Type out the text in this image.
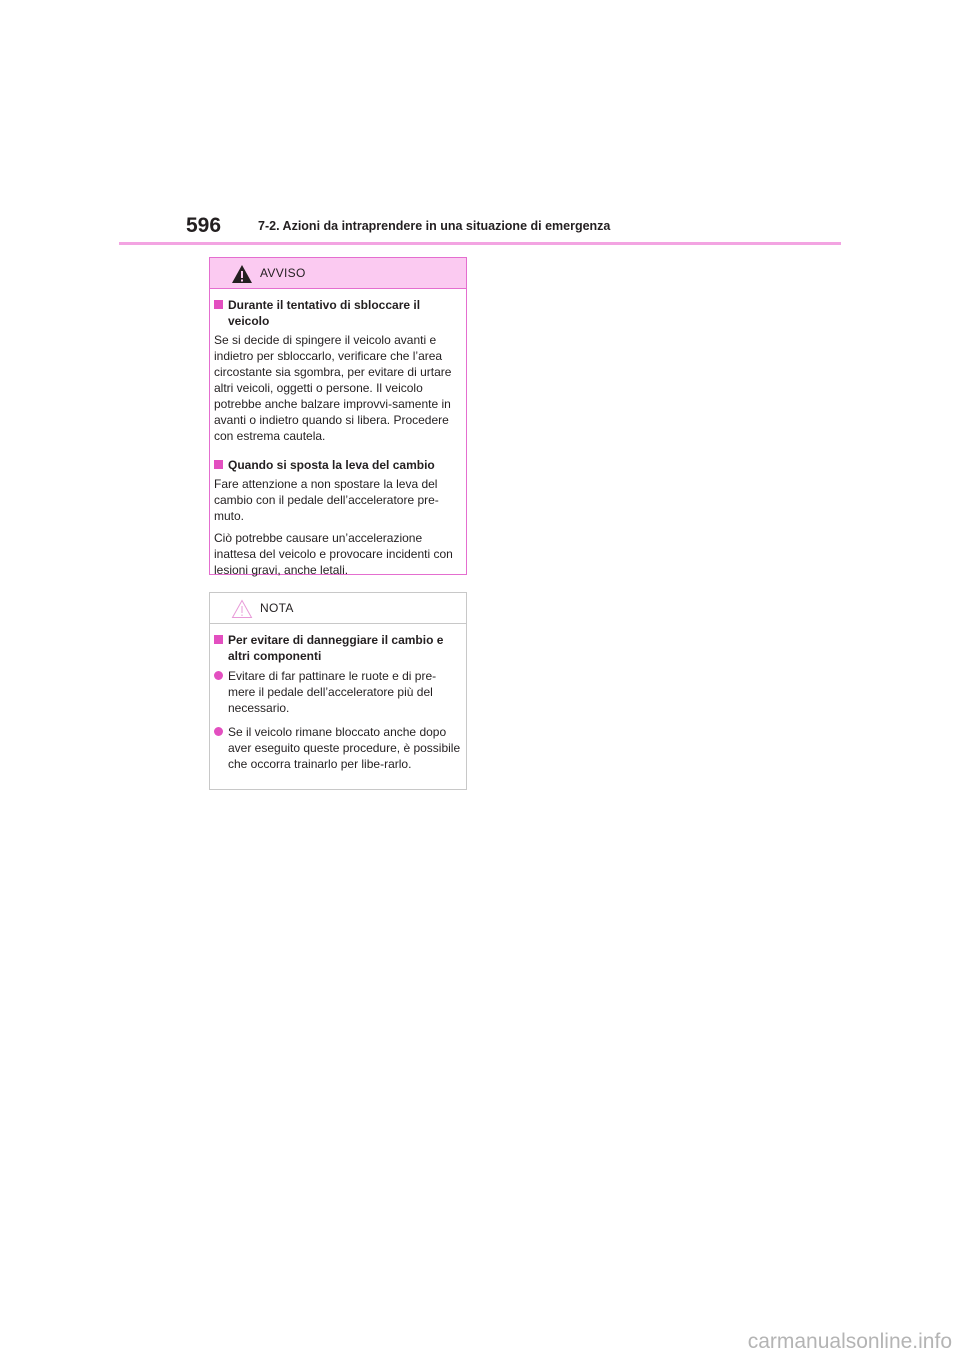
596	7-2. Azioni da intraprendere in una situazione di emergenza
AVVISO
Durante il tentativo di sbloccare il veicolo

Se si decide di spingere il veicolo avanti e indietro per sbloccarlo, verificare che l’area circostante sia sgombra, per evitare di urtare altri veicoli, oggetti o persone. Il veicolo potrebbe anche balzare improvvi-samente in avanti o indietro quando si libera. Procedere con estrema cautela.

Quando si sposta la leva del cambio

Fare attenzione a non spostare la leva del cambio con il pedale dell’acceleratore pre-muto.

Ciò potrebbe causare un’accelerazione inattesa del veicolo e provocare incidenti con lesioni gravi, anche letali.

NOTA
Per evitare di danneggiare il cambio e altri componenti
Evitare di far pattinare le ruote e di pre-mere il pedale dell’acceleratore più del necessario.
Se il veicolo rimane bloccato anche dopo aver eseguito queste procedure, è possibile che occorra trainarlo per libe-rarlo.
carmanualsonline.info
